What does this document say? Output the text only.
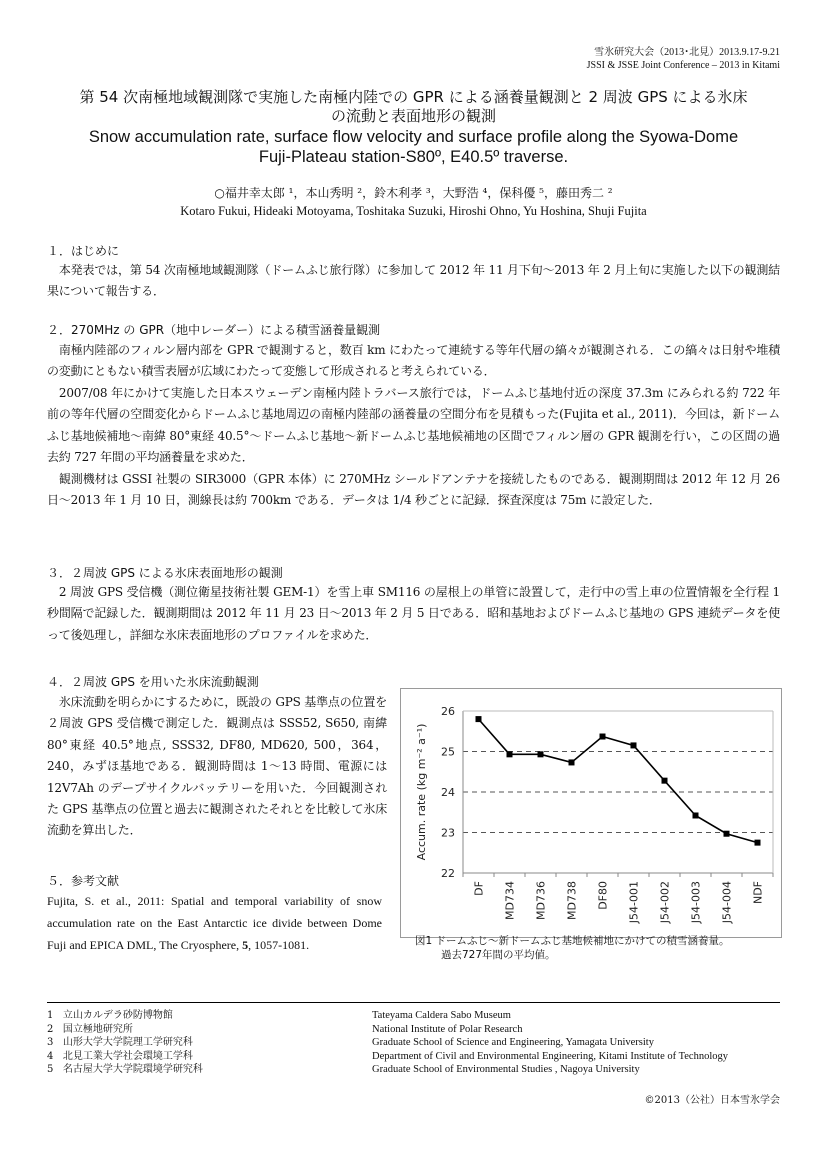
雪氷研究大会（2013･北見）2013.9.17-9.21
JSSI & JSSE Joint Conference – 2013 in Kitami
第 54 次南極地域観測隊で実施した南極内陸での GPR による涵養量観測と 2 周波 GPS による氷床
の流動と表面地形の観測
Snow accumulation rate, surface flow velocity and surface profile along the Syowa-Dome
Fuji-Plateau station-S80º, E40.5º traverse.
○福井幸太郎 ¹，本山秀明 ²，鈴木利孝 ³，大野浩 ⁴，保科優 ⁵，藤田秀二 ²
Kotaro Fukui, Hideaki Motoyama, Toshitaka Suzuki, Hiroshi Ohno, Yu Hoshina, Shuji Fujita
１．はじめに
　本発表では，第 54 次南極地域観測隊（ドームふじ旅行隊）に参加して 2012 年 11 月下旬〜2013 年 2 月上旬に実施した以下の観測結果について報告する．
２．270MHz の GPR（地中レーダー）による積雪涵養量観測
　南極内陸部のフィルン層内部を GPR で観測すると，数百 km にわたって連続する等年代層の縞々が観測される．この縞々は日射や堆積の変動にともない積雪表層が広域にわたって変態して形成されると考えられている．
　2007/08 年にかけて実施した日本スウェーデン南極内陸トラバース旅行では，ドームふじ基地付近の深度 37.3m にみられる約 722 年前の等年代層の空間変化からドームふじ基地周辺の南極内陸部の涵養量の空間分布を見積もった(Fujita et al., 2011)．今回は，新ドームふじ基地候補地〜南緯 80°東経 40.5°〜ドームふじ基地〜新ドームふじ基地候補地の区間でフィルン層の GPR 観測を行い，この区間の過去約 727 年間の平均涵養量を求めた．
　観測機材は GSSI 社製の SIR3000（GPR 本体）に 270MHz シールドアンテナを接続したものである．観測期間は 2012 年 12 月 26 日〜2013 年 1 月 10 日，測線長は約 700km である．データは 1/4 秒ごとに記録．探査深度は 75m に設定した．
３．２周波 GPS による氷床表面地形の観測
　2 周波 GPS 受信機（測位衛星技術社製 GEM-1）を雪上車 SM116 の屋根上の単管に設置して，走行中の雪上車の位置情報を全行程 1 秒間隔で記録した．観測期間は 2012 年 11 月 23 日〜2013 年 2 月 5 日である．昭和基地およびドームふじ基地の GPS 連続データを使って後処理し，詳細な氷床表面地形のプロファイルを求めた．
４．２周波 GPS を用いた氷床流動観測
　氷床流動を明らかにするために，既設の GPS 基準点の位置を２周波 GPS 受信機で測定した．観測点は SSS52, S650, 南緯 80°東経 40.5°地点, SSS32, DF80, MD620, 500，364，240，みずほ基地である．観測時間は 1〜13 時間、電源には 12V7Ah のデープサイクルバッテリーを用いた．今回観測された GPS 基準点の位置と過去に観測されたそれとを比較して氷床流動を算出した．
５．参考文献
Fujita, S. et al., 2011: Spatial and temporal variability of snow accumulation rate on the East Antarctic ice divide between Dome Fuji and EPICA DML, The Cryosphere, 5, 1057-1081.
22
23
24
25
26
Accum. rate (kg m⁻² a⁻¹)
DF MD734 MD736 MD738 DF80 J54-001 J54-002 J54-003 J54-004 NDF
図1 ドームふじ〜新ドームふじ基地候補地にかけての積雪涵養量。
過去727年間の平均値。
1 立山カルデラ砂防博物館
2 国立極地研究所
3 山形大学大学院理工学研究科
4 北見工業大学社会環境工学科
5 名古屋大学大学院環境学研究科
Tateyama Caldera Sabo Museum
National Institute of Polar Research
Graduate School of Science and Engineering, Yamagata University
Department of Civil and Environmental Engineering, Kitami Institute of Technology
Graduate School of Environmental Studies , Nagoya University
©2013（公社）日本雪氷学会
